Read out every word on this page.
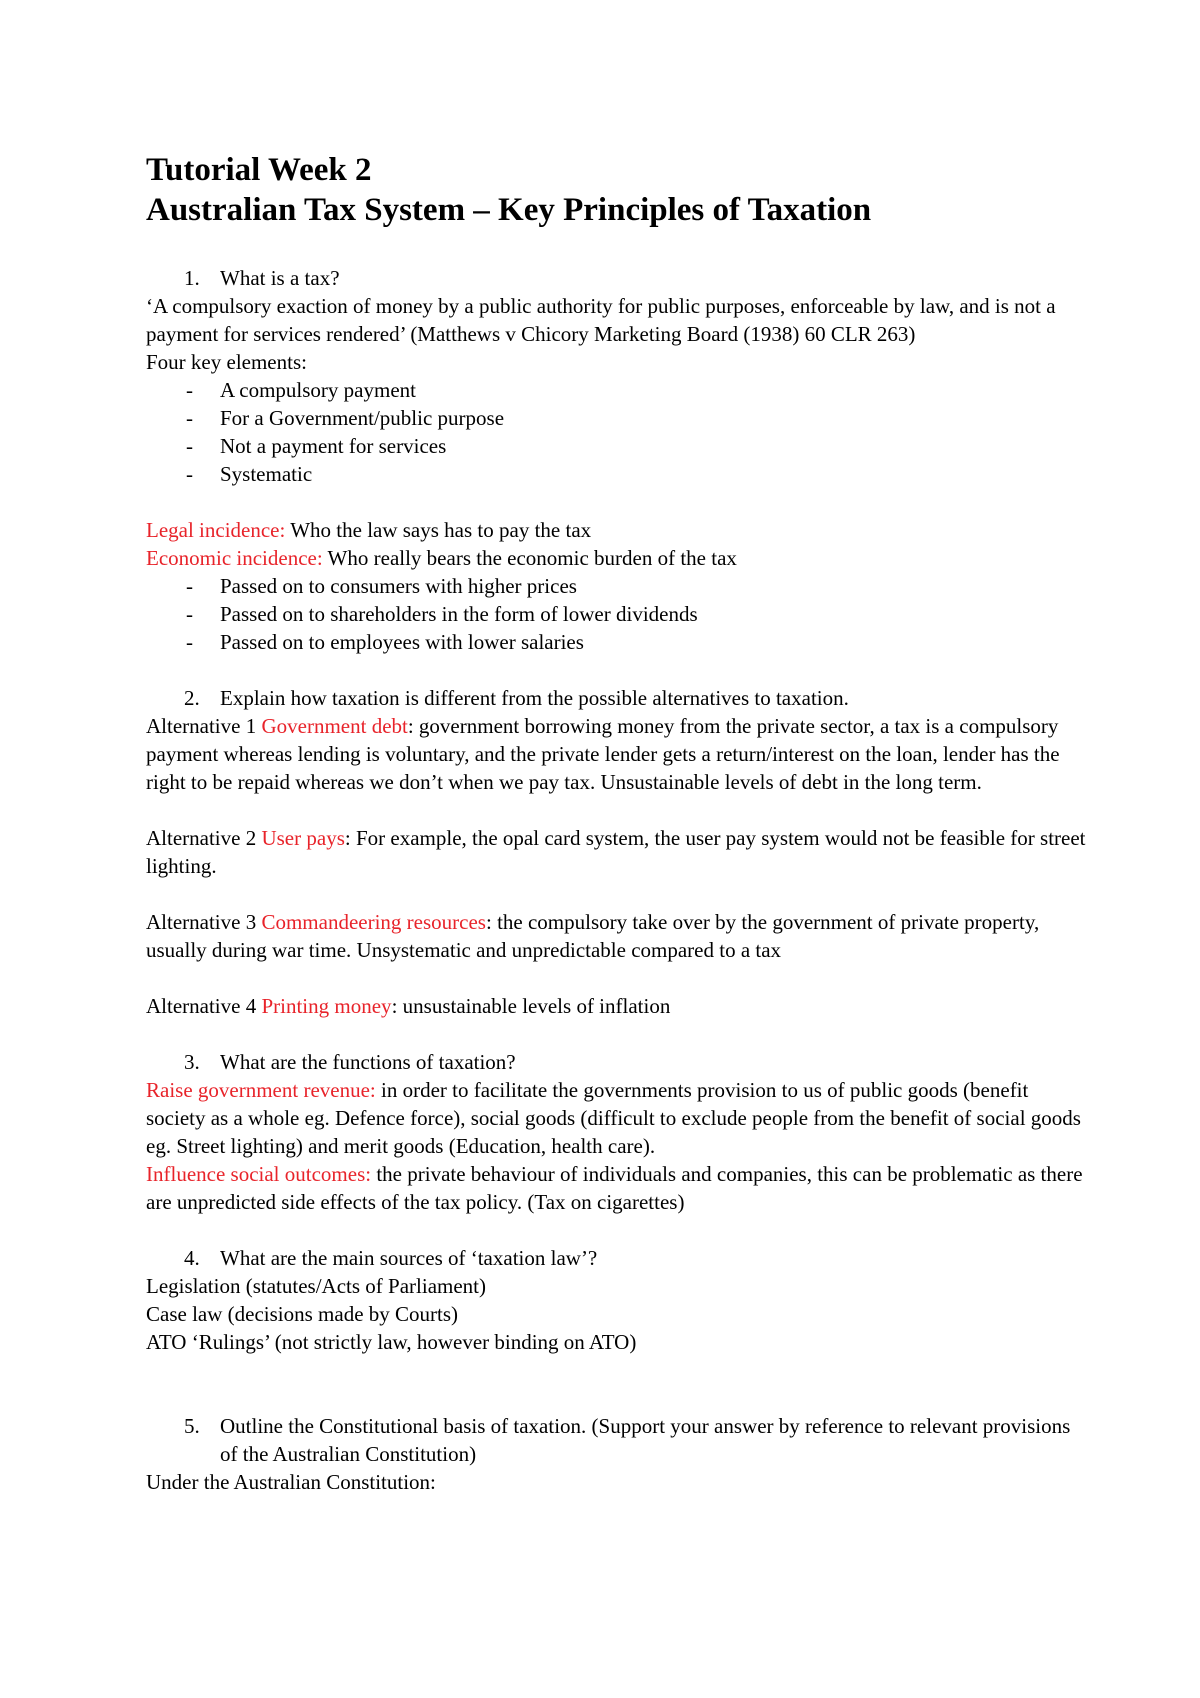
Tutorial Week 2
Australian Tax System – Key Principles of Taxation
1. What is a tax?

‘A compulsory exaction of money by a public authority for public purposes, enforceable by law, and is not a payment for services rendered’ (Matthews v Chicory Marketing Board (1938) 60 CLR 263)

Four key elements:

- A compulsory payment
- For a Government/public purpose
- Not a payment for services
- Systematic

Legal incidence: Who the law says has to pay the tax

Economic incidence: Who really bears the economic burden of the tax

- Passed on to consumers with higher prices
- Passed on to shareholders in the form of lower dividends
- Passed on to employees with lower salaries
2. Explain how taxation is different from the possible alternatives to taxation.

Alternative 1 Government debt: government borrowing money from the private sector, a tax is a compulsory payment whereas lending is voluntary, and the private lender gets a return/interest on the loan, lender has the right to be repaid whereas we don’t when we pay tax. Unsustainable levels of debt in the long term.

Alternative 2 User pays: For example, the opal card system, the user pay system would not be feasible for street lighting.

Alternative 3 Commandeering resources: the compulsory take over by the government of private property, usually during war time. Unsystematic and unpredictable compared to a tax

Alternative 4 Printing money: unsustainable levels of inflation

3. What are the functions of taxation?

Raise government revenue: in order to facilitate the governments provision to us of public goods (benefit society as a whole eg. Defence force), social goods (difficult to exclude people from the benefit of social goods eg. Street lighting) and merit goods (Education, health care).

Influence social outcomes: the private behaviour of individuals and companies, this can be problematic as there are unpredicted side effects of the tax policy. (Tax on cigarettes)

4. What are the main sources of ‘taxation law’?

Legislation (statutes/Acts of Parliament)

Case law (decisions made by Courts)

ATO ‘Rulings’ (not strictly law, however binding on ATO)

5. Outline the Constitutional basis of taxation. (Support your answer by reference to relevant provisions of the Australian Constitution)

Under the Australian Constitution:
